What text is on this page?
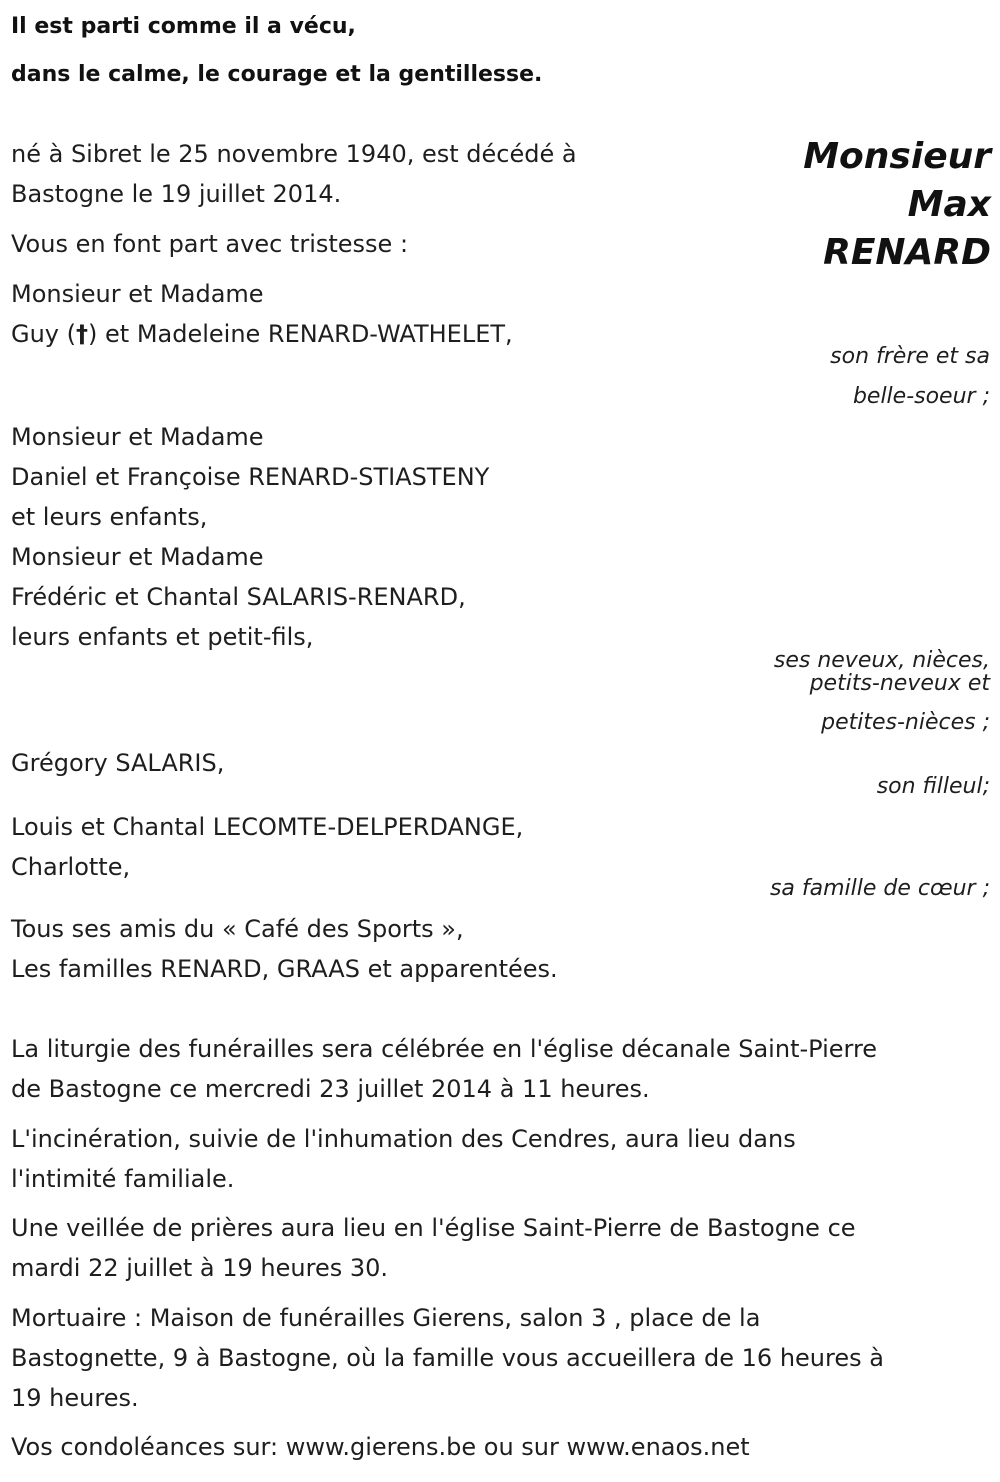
Il est parti comme il a vécu,
dans le calme, le courage et la gentillesse.
Monsieur
Max
RENARD
né à Sibret le 25 novembre 1940, est décédé à
Bastogne le 19 juillet 2014.
Vous en font part avec tristesse :
Monsieur et Madame
Guy (†) et Madeleine RENARD-WATHELET,
son frère et sa
belle-soeur ;
Monsieur et Madame
Daniel et Françoise RENARD-STIASTENY
et leurs enfants,
Monsieur et Madame
Frédéric et Chantal SALARIS-RENARD,
leurs enfants et petit-fils,
ses neveux, nièces,
petits-neveux et
petites-nièces ;
Grégory SALARIS,
son filleul;
Louis et Chantal LECOMTE-DELPERDANGE,
Charlotte,
sa famille de cœur ;
Tous ses amis du « Café des Sports »,
Les familles RENARD, GRAAS et apparentées.
La liturgie des funérailles sera célébrée en l'église décanale Saint-Pierre
de Bastogne ce mercredi 23 juillet 2014 à 11 heures.
L'incinération, suivie de l'inhumation des Cendres, aura lieu dans
l'intimité familiale.
Une veillée de prières aura lieu en l'église Saint-Pierre de Bastogne ce
mardi 22 juillet à 19 heures 30.
Mortuaire : Maison de funérailles Gierens, salon 3 , place de la
Bastognette, 9 à Bastogne, où la famille vous accueillera de 16 heures à
19 heures.
Vos condoléances sur: www.gierens.be ou sur www.enaos.net
